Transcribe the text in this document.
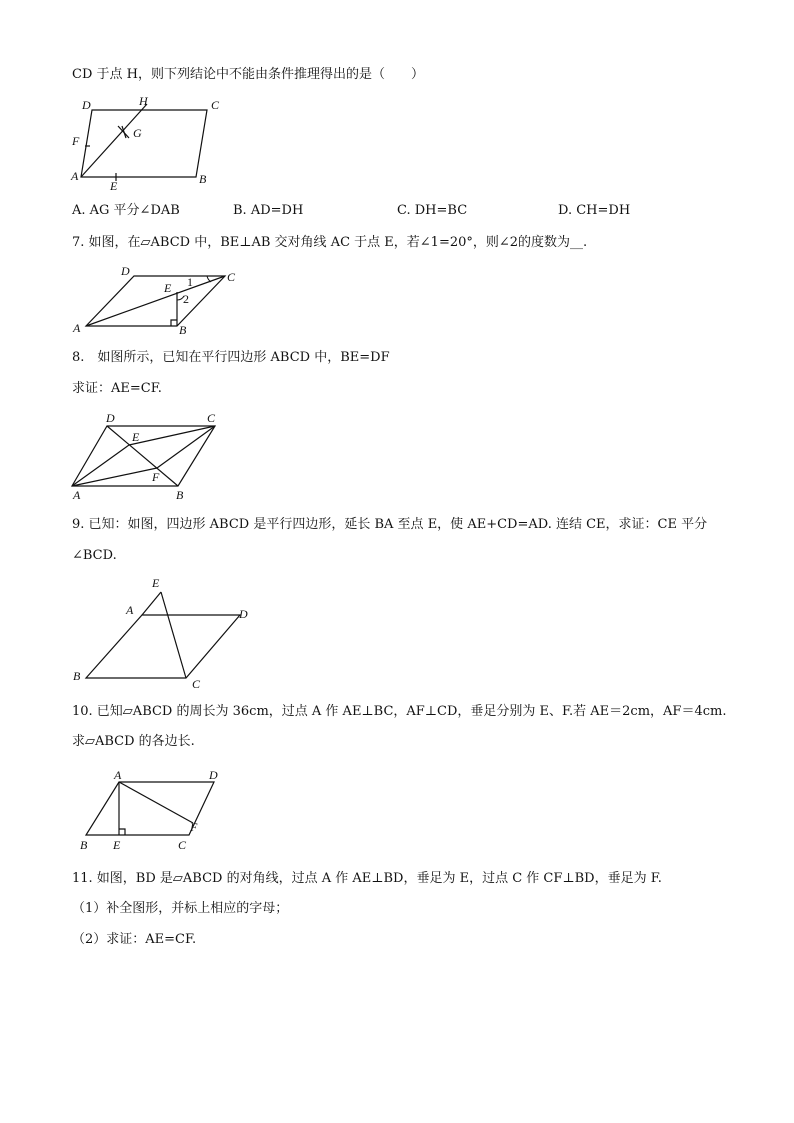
CD 于点 H，则下列结论中不能由条件推理得出的是（　　）
D	H	C
F
G
A
E	B
A. AG 平分∠DAB	B. AD=DH	C. DH=BC	D. CH=DH
7. 如图，在▱ABCD 中，BE⊥AB 交对角线 AC 于点 E，若∠1=20°，则∠2的度数为__.
D	C
E 1
2
A	B
8.　如图所示，已知在平行四边形 ABCD 中，BE=DF
求证：AE=CF.
D	C
E
F
A	B
9. 已知：如图，四边形 ABCD 是平行四边形，延长 BA 至点 E，使 AE+CD=AD. 连结 CE，求证：CE 平分
∠BCD.
E
A	D
B
C
10. 已知▱ABCD 的周长为 36cm，过点 A 作 AE⊥BC，AF⊥CD，垂足分别为 E、F.若 AE＝2cm，AF＝4cm.
求▱ABCD 的各边长.
A	D
F
B E	C
11. 如图，BD 是▱ABCD 的对角线，过点 A 作 AE⊥BD，垂足为 E，过点 C 作 CF⊥BD，垂足为 F.
（1）补全图形，并标上相应的字母；
（2）求证：AE=CF.
